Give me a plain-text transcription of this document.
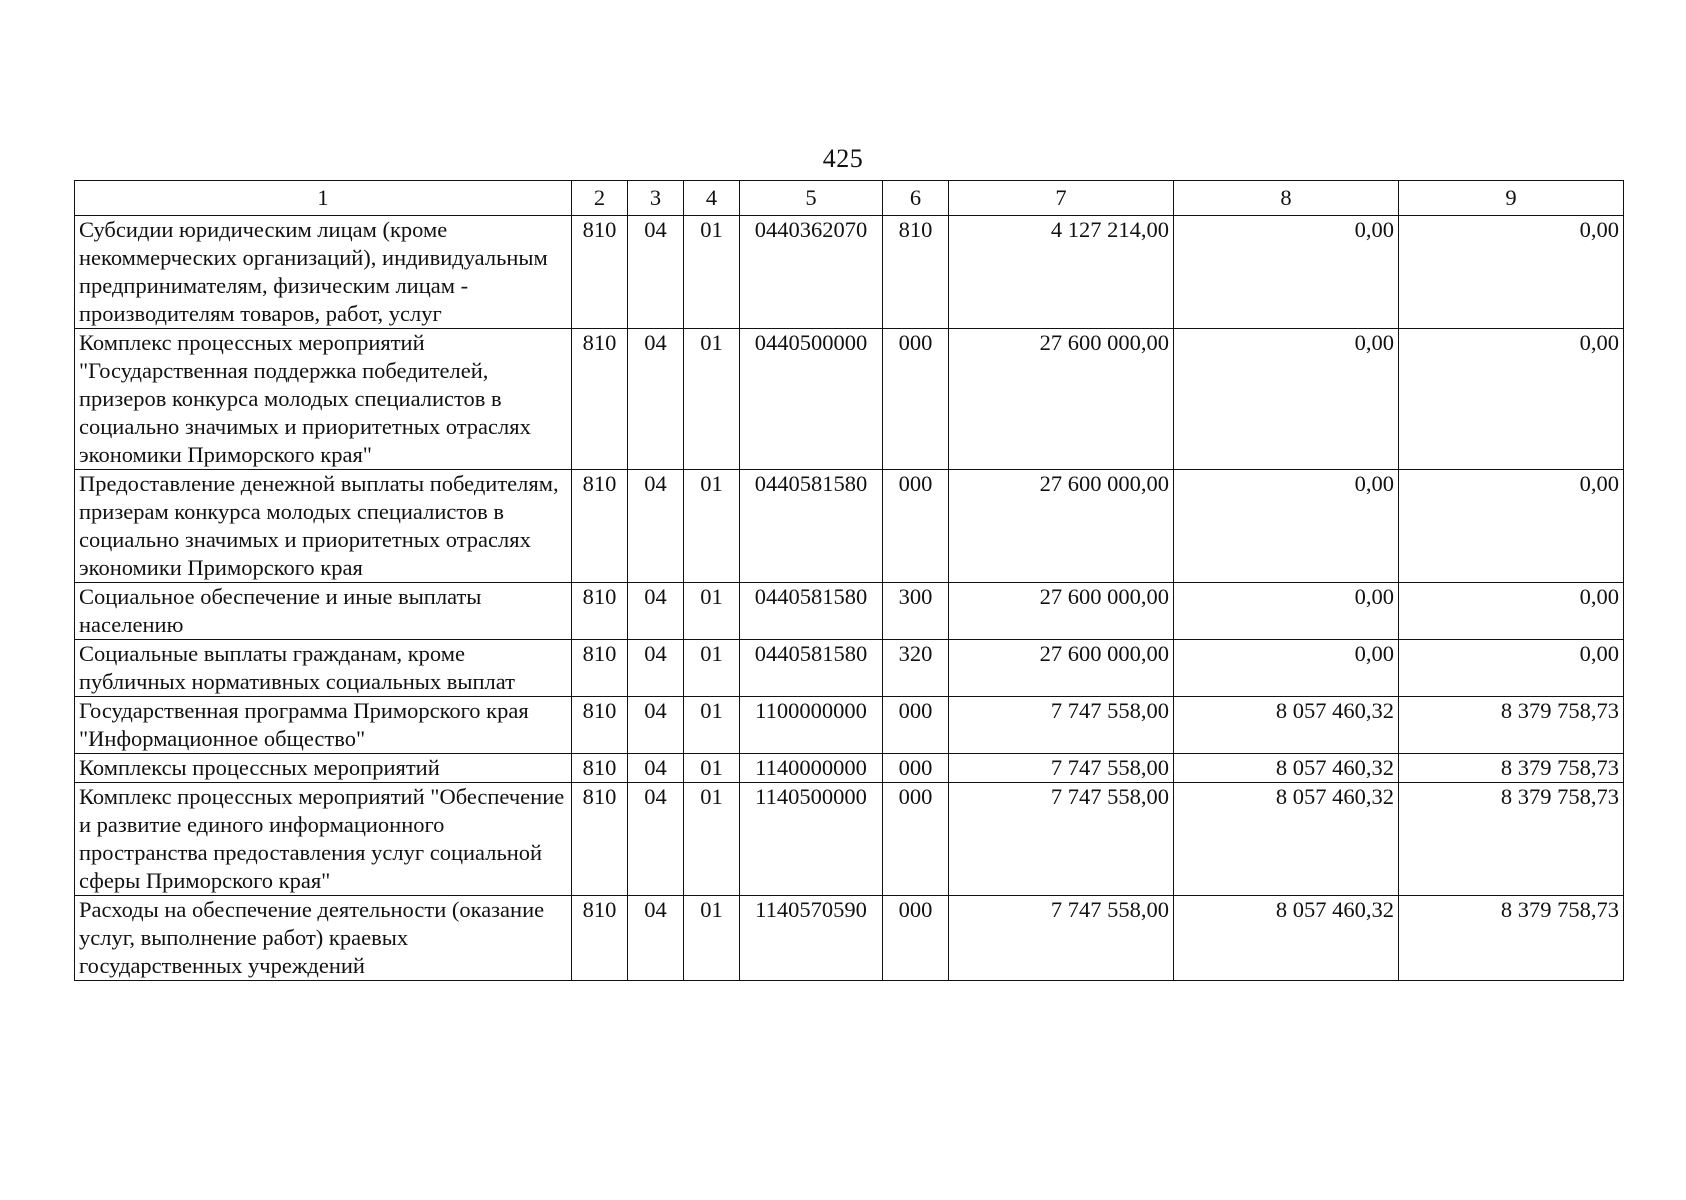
425
1	2	3	4	5	6	7	8	9
Субсидии юридическим лицам (кроме некоммерческих организаций), индивидуальным предпринимателям, физическим лицам - производителям товаров, работ, услуг	810	04	01	0440362070	810	4 127 214,00	0,00	0,00
Комплекс процессных мероприятий "Государственная поддержка победителей, призеров конкурса молодых специалистов в социально значимых и приоритетных отраслях экономики Приморского края"	810	04	01	0440500000	000	27 600 000,00	0,00	0,00
Предоставление денежной выплаты победителям, призерам конкурса молодых специалистов в социально значимых и приоритетных отраслях экономики Приморского края	810	04	01	0440581580	000	27 600 000,00	0,00	0,00
Социальное обеспечение и иные выплаты населению	810	04	01	0440581580	300	27 600 000,00	0,00	0,00
Социальные выплаты гражданам, кроме публичных нормативных социальных выплат	810	04	01	0440581580	320	27 600 000,00	0,00	0,00
Государственная программа Приморского края "Информационное общество"	810	04	01	1100000000	000	7 747 558,00	8 057 460,32	8 379 758,73
Комплексы процессных мероприятий	810	04	01	1140000000	000	7 747 558,00	8 057 460,32	8 379 758,73
Комплекс процессных мероприятий "Обеспечение и развитие единого информационного пространства предоставления услуг социальной сферы Приморского края"	810	04	01	1140500000	000	7 747 558,00	8 057 460,32	8 379 758,73
Расходы на обеспечение деятельности (оказание услуг, выполнение работ) краевых государственных учреждений	810	04	01	1140570590	000	7 747 558,00	8 057 460,32	8 379 758,73
